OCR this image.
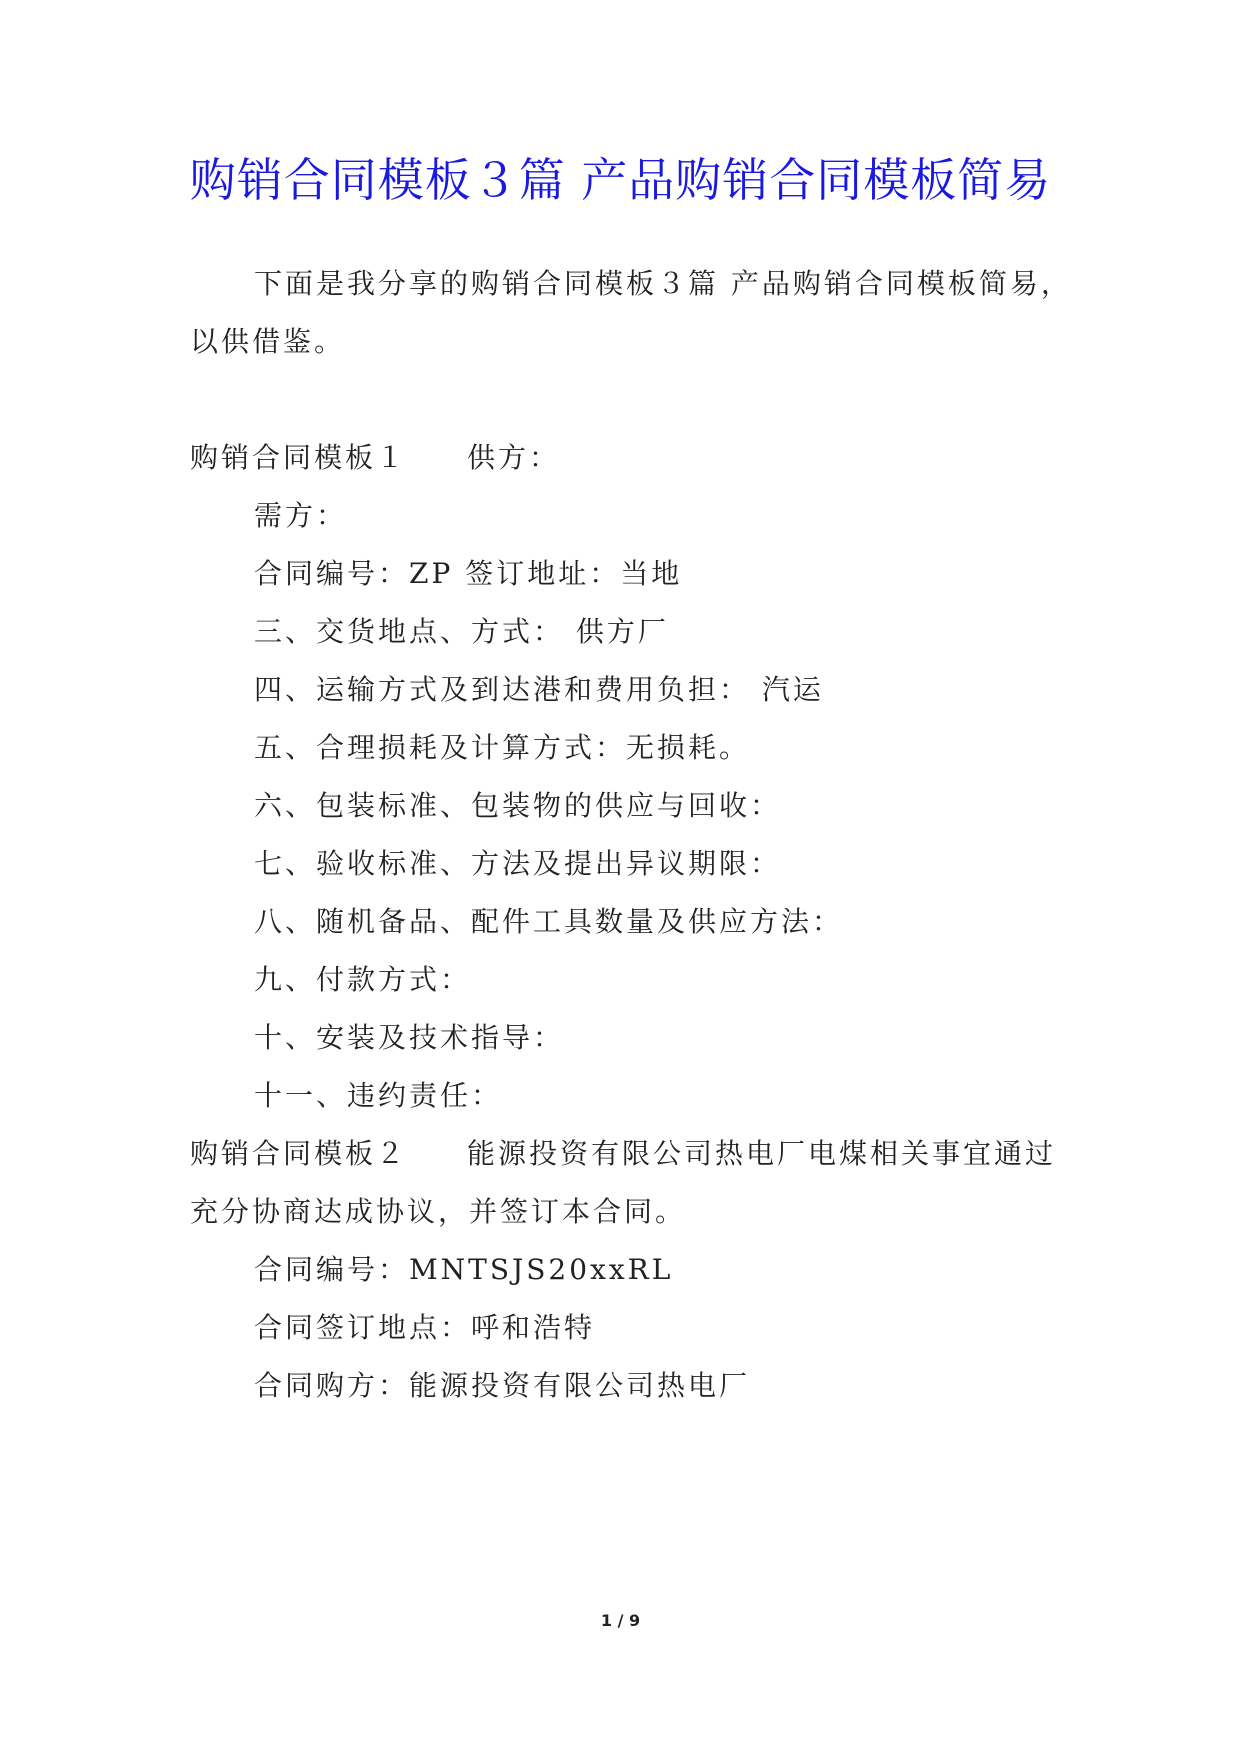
购销合同模板３篇 产品购销合同模板简易
下面是我分享的购销合同模板３篇 产品购销合同模板简易，
以供借鉴。
购销合同模板１ 供方：
需方：
合同编号：ZP 签订地址：当地
三、交货地点、方式： 供方厂
四、运输方式及到达港和费用负担： 汽运
五、合理损耗及计算方式：无损耗。
六、包装标准、包装物的供应与回收：
七、验收标准、方法及提出异议期限：
八、随机备品、配件工具数量及供应方法：
九、付款方式：
十、安装及技术指导：
十一、违约责任：
购销合同模板２ 能源投资有限公司热电厂电煤相关事宜通过
充分协商达成协议，并签订本合同。
合同编号：MNTSJS20xxRL
合同签订地点：呼和浩特
合同购方：能源投资有限公司热电厂
1 / 9
